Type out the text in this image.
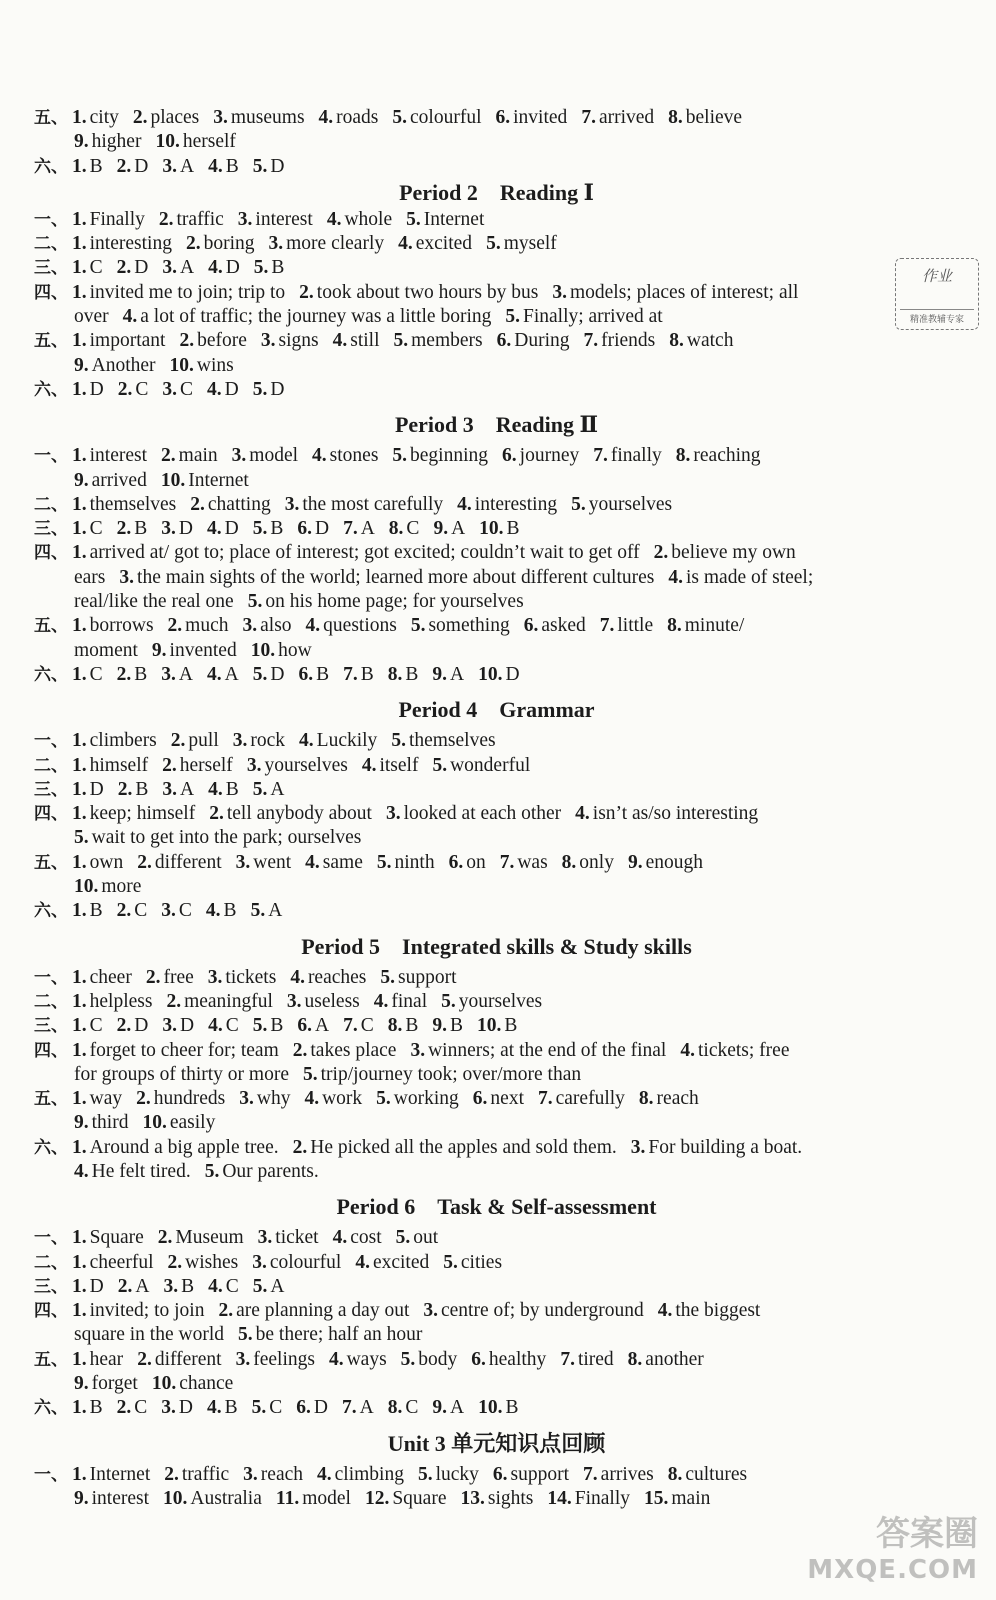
五、 1. city 2. places 3. museums 4. roads 5. colourful 6. invited 7. arrived 8. believe
9. higher 10. herself
六、 1. B 2. D 3. A 4. B 5. D
Period 2 Reading Ⅰ
一、 1. Finally 2. traffic 3. interest 4. whole 5. Internet
二、 1. interesting 2. boring 3. more clearly 4. excited 5. myself
三、 1. C 2. D 3. A 4. D 5. B
四、 1. invited me to join; trip to 2. took about two hours by bus 3. models; places of interest; all
over 4. a lot of traffic; the journey was a little boring 5. Finally; arrived at
五、 1. important 2. before 3. signs 4. still 5. members 6. During 7. friends 8. watch
9. Another 10. wins
六、 1. D 2. C 3. C 4. D 5. D
Period 3 Reading Ⅱ
一、 1. interest 2. main 3. model 4. stones 5. beginning 6. journey 7. finally 8. reaching
9. arrived 10. Internet
二、 1. themselves 2. chatting 3. the most carefully 4. interesting 5. yourselves
三、 1. C 2. B 3. D 4. D 5. B 6. D 7. A 8. C 9. A 10. B
四、 1. arrived at/ got to; place of interest; got excited; couldn’t wait to get off 2. believe my own
ears 3. the main sights of the world; learned more about different cultures 4. is made of steel;
real/like the real one 5. on his home page; for yourselves
五、 1. borrows 2. much 3. also 4. questions 5. something 6. asked 7. little 8. minute/
moment 9. invented 10. how
六、 1. C 2. B 3. A 4. A 5. D 6. B 7. B 8. B 9. A 10. D
Period 4 Grammar
一、 1. climbers 2. pull 3. rock 4. Luckily 5. themselves
二、 1. himself 2. herself 3. yourselves 4. itself 5. wonderful
三、 1. D 2. B 3. A 4. B 5. A
四、 1. keep; himself 2. tell anybody about 3. looked at each other 4. isn’t as/so interesting
5. wait to get into the park; ourselves
五、 1. own 2. different 3. went 4. same 5. ninth 6. on 7. was 8. only 9. enough
10. more
六、 1. B 2. C 3. C 4. B 5. A
Period 5 Integrated skills & Study skills
一、 1. cheer 2. free 3. tickets 4. reaches 5. support
二、 1. helpless 2. meaningful 3. useless 4. final 5. yourselves
三、 1. C 2. D 3. D 4. C 5. B 6. A 7. C 8. B 9. B 10. B
四、 1. forget to cheer for; team 2. takes place 3. winners; at the end of the final 4. tickets; free
for groups of thirty or more 5. trip/journey took; over/more than
五、 1. way 2. hundreds 3. why 4. work 5. working 6. next 7. carefully 8. reach
9. third 10. easily
六、 1. Around a big apple tree. 2. He picked all the apples and sold them. 3. For building a boat.
4. He felt tired. 5. Our parents.
Period 6 Task & Self-assessment
一、 1. Square 2. Museum 3. ticket 4. cost 5. out
二、 1. cheerful 2. wishes 3. colourful 4. excited 5. cities
三、 1. D 2. A 3. B 4. C 5. A
四、 1. invited; to join 2. are planning a day out 3. centre of; by underground 4. the biggest
square in the world 5. be there; half an hour
五、 1. hear 2. different 3. feelings 4. ways 5. body 6. healthy 7. tired 8. another
9. forget 10. chance
六、 1. B 2. C 3. D 4. B 5. C 6. D 7. A 8. C 9. A 10. B
Unit 3 单元知识点回顾
一、 1. Internet 2. traffic 3. reach 4. climbing 5. lucky 6. support 7. arrives 8. cultures
9. interest 10. Australia 11. model 12. Square 13. sights 14. Finally 15. main
作业
精准教辅专家
答案圈
MXQE.COM
